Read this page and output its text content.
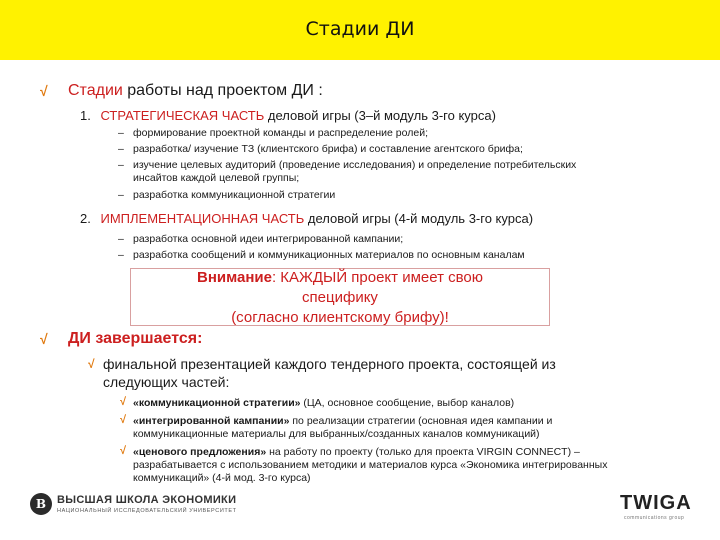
Стадии ДИ
√ Стадии работы над проектом ДИ :
1. СТРАТЕГИЧЕСКАЯ ЧАСТЬ деловой игры (3–й модуль 3-го курса)
– формирование проектной команды и распределение ролей;
– разработка/ изучение ТЗ (клиентского брифа) и составление агентского брифа;
– изучение целевых аудиторий (проведение исследования) и определение потребительских
инсайтов каждой целевой группы;
– разработка коммуникационной стратегии
2. ИМПЛЕМЕНТАЦИОННАЯ ЧАСТЬ деловой игры (4-й модуль 3-го курса)
– разработка основной идеи интегрированной кампании;
– разработка сообщений и коммуникационных материалов по основным каналам
Внимание: КАЖДЫЙ проект имеет свою
специфику
(согласно клиентскому брифу)!
√ ДИ завершается:
√ финальной презентацией каждого тендерного проекта, состоящей из
следующих частей:
√ «коммуникационной стратегии» (ЦА, основное сообщение, выбор каналов)
√ «интегрированной кампании» по реализации стратегии (основная идея кампании и
коммуникационные материалы для выбранных/созданных каналов коммуникаций)
√ «ценового предложения» на работу по проекту (только для проекта VIRGIN CONNECT) –
разрабатывается с использованием методики и материалов курса «Экономика интегрированных
коммуникаций» (4-й мод. 3-го курса)
В ВЫСШАЯ ШКОЛА ЭКОНОМИКИ
НАЦИОНАЛЬНЫЙ ИССЛЕДОВАТЕЛЬСКИЙ УНИВЕРСИТЕТ	TWIGA
communications group
